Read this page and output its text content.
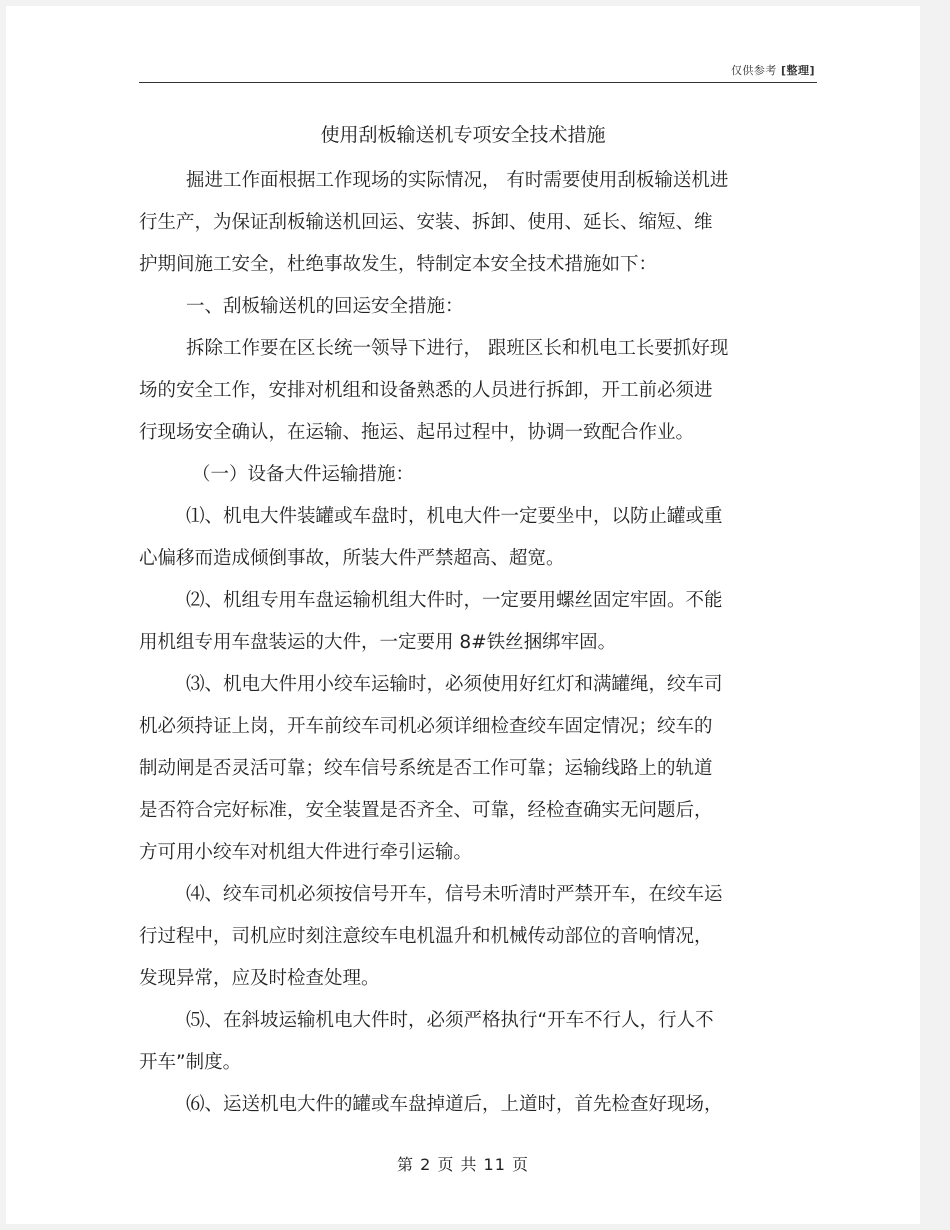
仅供参考 [整理]
使用刮板输送机专项安全技术措施
掘进工作面根据工作现场的实际情况， 有时需要使用刮板输送机进
行生产，为保证刮板输送机回运、安装、拆卸、使用、延长、缩短、维
护期间施工安全，杜绝事故发生，特制定本安全技术措施如下：
一、刮板输送机的回运安全措施：
拆除工作要在区长统一领导下进行， 跟班区长和机电工长要抓好现
场的安全工作，安排对机组和设备熟悉的人员进行拆卸，开工前必须进
行现场安全确认，在运输、拖运、起吊过程中，协调一致配合作业。
（一）设备大件运输措施：
⑴、机电大件装罐或车盘时，机电大件一定要坐中，以防止罐或重
心偏移而造成倾倒事故，所装大件严禁超高、超宽。
⑵、机组专用车盘运输机组大件时，一定要用螺丝固定牢固。不能
用机组专用车盘装运的大件，一定要用 8#铁丝捆绑牢固。
⑶、机电大件用小绞车运输时，必须使用好红灯和满罐绳，绞车司
机必须持证上岗，开车前绞车司机必须详细检查绞车固定情况；绞车的
制动闸是否灵活可靠；绞车信号系统是否工作可靠；运输线路上的轨道
是否符合完好标准，安全装置是否齐全、可靠，经检查确实无问题后，
方可用小绞车对机组大件进行牵引运输。
⑷、绞车司机必须按信号开车，信号未听清时严禁开车，在绞车运
行过程中，司机应时刻注意绞车电机温升和机械传动部位的音响情况，
发现异常，应及时检查处理。
⑸、在斜坡运输机电大件时，必须严格执行“开车不行人，行人不
开车”制度。
⑹、运送机电大件的罐或车盘掉道后，上道时，首先检查好现场，
第 2 页 共 11 页
